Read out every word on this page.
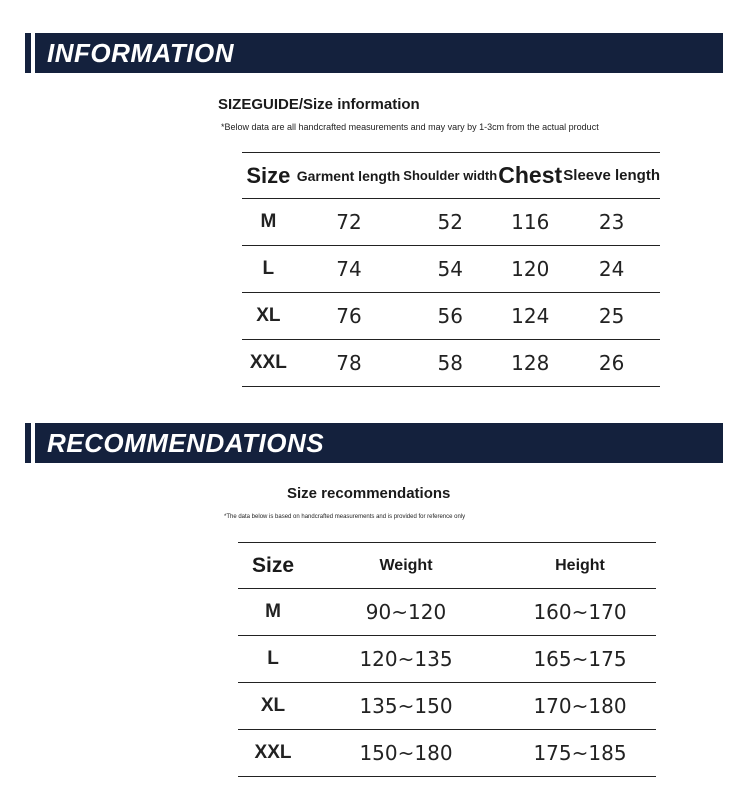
INFORMATION
SIZEGUIDE/Size information
*Below data are all handcrafted measurements and may vary by 1-3cm from the actual product
Size	Garment length	Shoulder width	Chest	Sleeve length
M	72	52	116	23
L	74	54	120	24
XL	76	56	124	25
XXL	78	58	128	26
RECOMMENDATIONS
Size recommendations
*The data below is based on handcrafted measurements and is provided for reference only
Size	Weight	Height
M	90~120	160~170
L	120~135	165~175
XL	135~150	170~180
XXL	150~180	175~185
